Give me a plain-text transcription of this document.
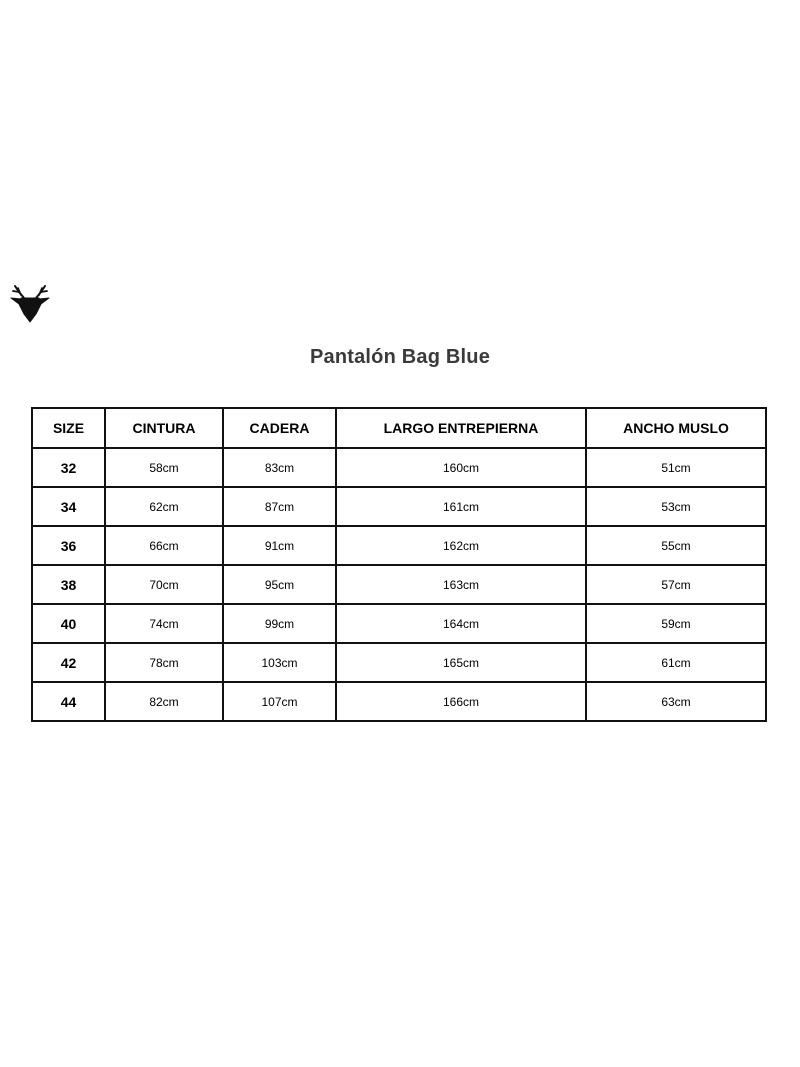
Pantalón Bag Blue
SIZE	CINTURA	CADERA	LARGO ENTREPIERNA	ANCHO MUSLO
32	58cm	83cm	160cm	51cm
34	62cm	87cm	161cm	53cm
36	66cm	91cm	162cm	55cm
38	70cm	95cm	163cm	57cm
40	74cm	99cm	164cm	59cm
42	78cm	103cm	165cm	61cm
44	82cm	107cm	166cm	63cm
